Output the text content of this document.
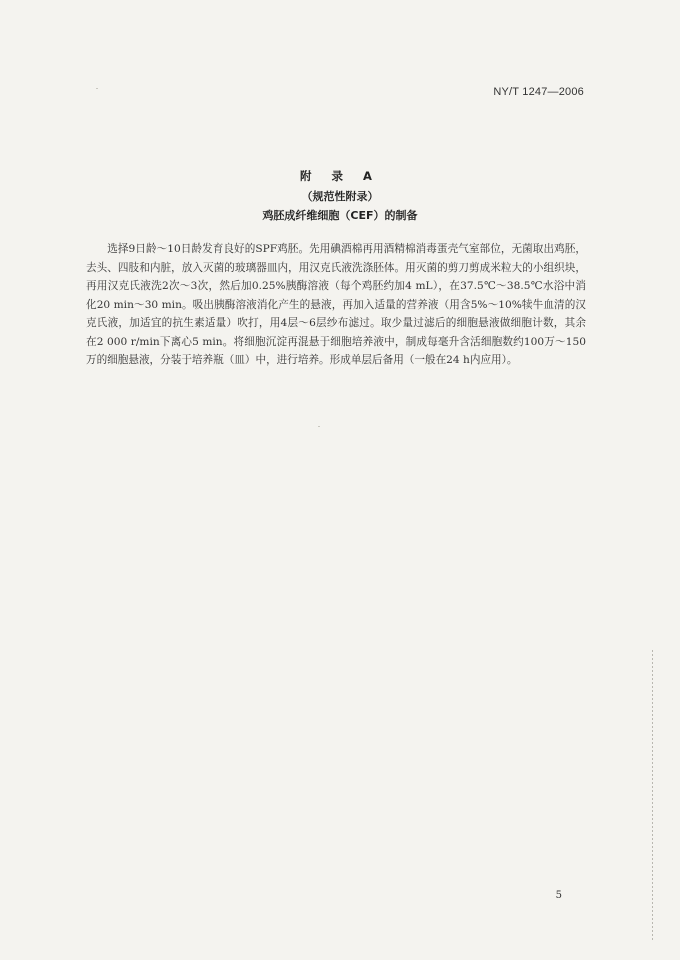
NY/T 1247—2006
附 录 A
（规范性附录）
鸡胚成纤维细胞（CEF）的制备

选择9日龄～10日龄发育良好的SPF鸡胚。先用碘酒棉再用酒精棉消毒蛋壳气室部位，无菌取出鸡胚，去头、四肢和内脏，放入灭菌的玻璃器皿内，用汉克氏液洗涤胚体。用灭菌的剪刀剪成米粒大的小组织块，再用汉克氏液洗2次～3次，然后加0.25%胰酶溶液（每个鸡胚约加4 mL），在37.5℃～38.5℃水浴中消化20 min～30 min。吸出胰酶溶液消化产生的悬液，再加入适量的营养液（用含5%～10%犊牛血清的汉克氏液，加适宜的抗生素适量）吹打，用4层～6层纱布滤过。取少量过滤后的细胞悬液做细胞计数，其余在2 000 r/min下离心5 min。将细胞沉淀再混悬于细胞培养液中，制成每毫升含活细胞数约100万～150万的细胞悬液，分装于培养瓶（皿）中，进行培养。形成单层后备用（一般在24 h内应用）。

5
